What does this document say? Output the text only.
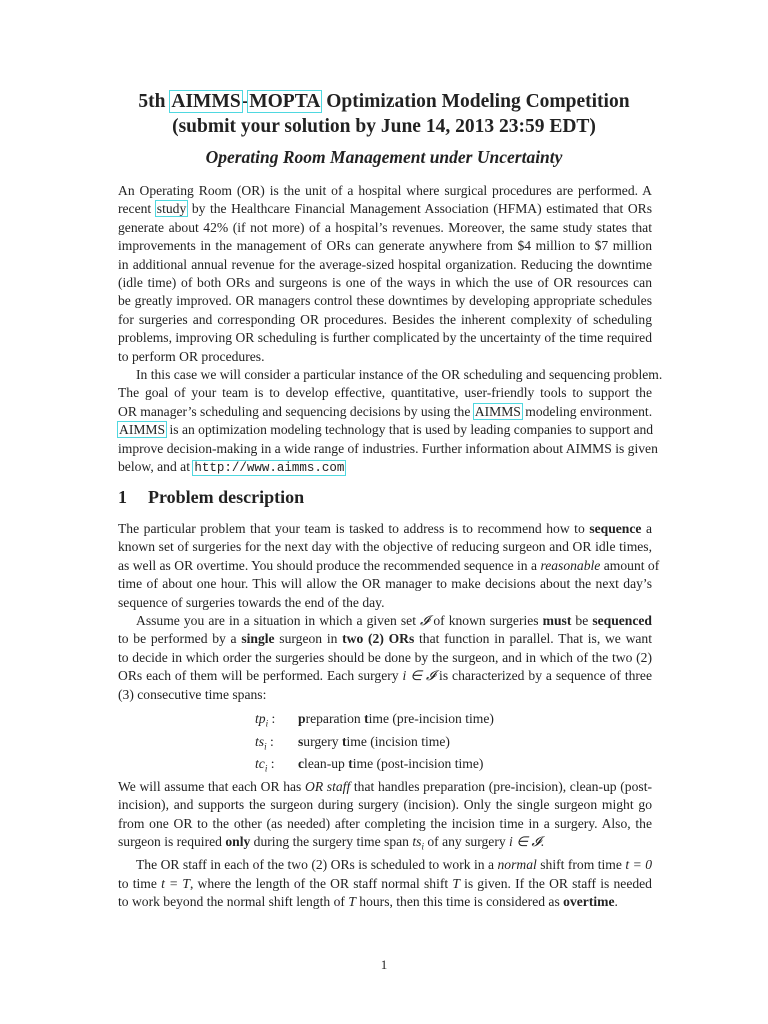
5th AIMMS-MOPTA Optimization Modeling Competition
(submit your solution by June 14, 2013 23:59 EDT)
Operating Room Management under Uncertainty

An Operating Room (OR) is the unit of a hospital where surgical procedures are performed. A
recent study by the Healthcare Financial Management Association (HFMA) estimated that ORs
generate about 42% (if not more) of a hospital’s revenues. Moreover, the same study states that
improvements in the management of ORs can generate anywhere from $4 million to $7 million
in additional annual revenue for the average-sized hospital organization. Reducing the downtime
(idle time) of both ORs and surgeons is one of the ways in which the use of OR resources can
be greatly improved. OR managers control these downtimes by developing appropriate schedules
for surgeries and corresponding OR procedures. Besides the inherent complexity of scheduling
problems, improving OR scheduling is further complicated by the uncertainty of the time required
to perform OR procedures.

In this case we will consider a particular instance of the OR scheduling and sequencing problem.
The goal of your team is to develop effective, quantitative, user-friendly tools to support the
OR manager’s scheduling and sequencing decisions by using the AIMMS modeling environment.
AIMMS is an optimization modeling technology that is used by leading companies to support and
improve decision-making in a wide range of industries. Further information about AIMMS is given
below, and at http://www.aimms.com

1 Problem description

The particular problem that your team is tasked to address is to recommend how to sequence a
known set of surgeries for the next day with the objective of reducing surgeon and OR idle times,
as well as OR overtime. You should produce the recommended sequence in a reasonable amount of
time of about one hour. This will allow the OR manager to make decisions about the next day’s
sequence of surgeries towards the end of the day.

Assume you are in a situation in which a given set 𝓘 of known surgeries must be sequenced
to be performed by a single surgeon in two (2) ORs that function in parallel. That is, we want
to decide in which order the surgeries should be done by the surgeon, and in which of the two (2)
ORs each of them will be performed. Each surgery i ∈ 𝓘 is characterized by a sequence of three
(3) consecutive time spans:

$tp_i$ :	preparation time (pre-incision time)
$ts_i$ :	surgery time (incision time)
$tc_i$ :	clean-up time (post-incision time)

We will assume that each OR has OR staff that handles preparation (pre-incision), clean-up (post-
incision), and supports the surgeon during surgery (incision). Only the single surgeon might go
from one OR to the other (as needed) after completing the incision time in a surgery. Also, the
surgeon is required only during the surgery time span $ts_i$ of any surgery i ∈ 𝓘.

The OR staff in each of the two (2) ORs is scheduled to work in a normal shift from time t = 0
to time t = T, where the length of the OR staff normal shift T is given. If the OR staff is needed
to work beyond the normal shift length of T hours, then this time is considered as overtime.

1
